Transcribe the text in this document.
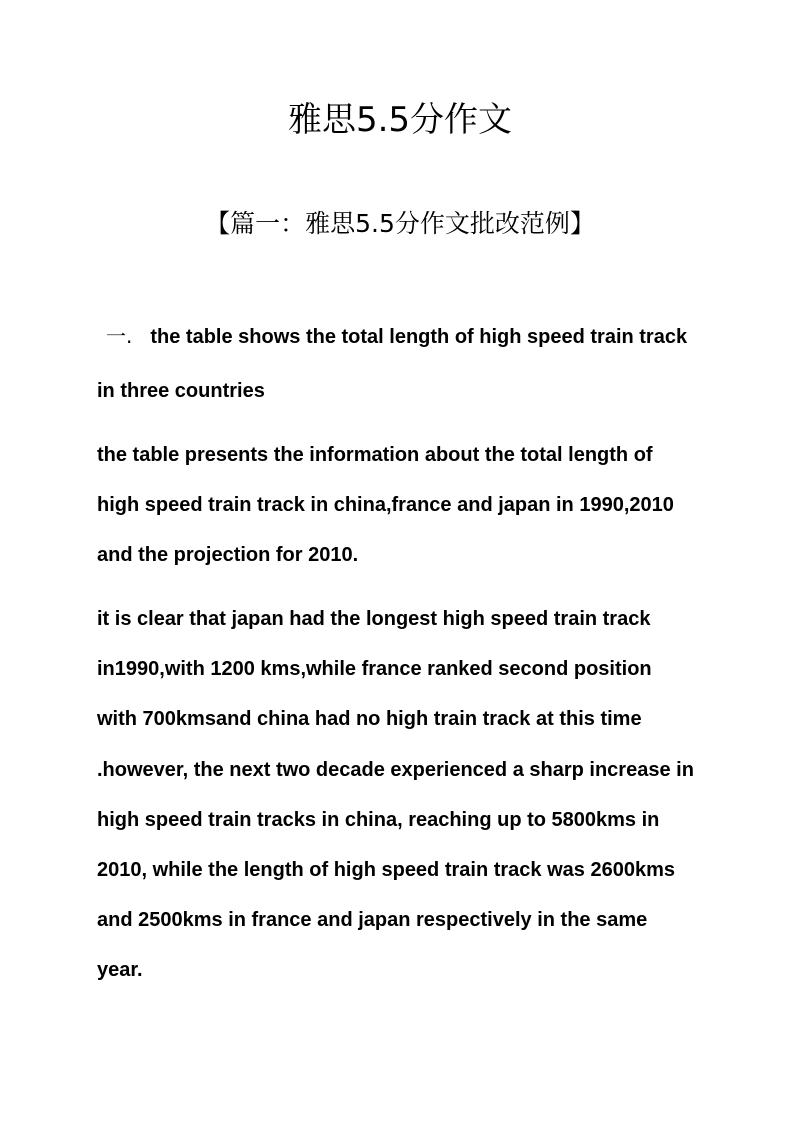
雅思5.5分作文
【篇一：雅思5.5分作文批改范例】

一. the table shows the total length of high speed train track

in three countries

the table presents the information about the total length of

high speed train track in china,france and japan in 1990,2010

and the projection for 2010.

it is clear that japan had the longest high speed train track

in1990,with 1200 kms,while france ranked second position

with 700kmsand china had no high train track at this time

.however, the next two decade experienced a sharp increase in

high speed train tracks in china, reaching up to 5800kms in

2010, while the length of high speed train track was 2600kms

and 2500kms in france and japan respectively in the same

year.
